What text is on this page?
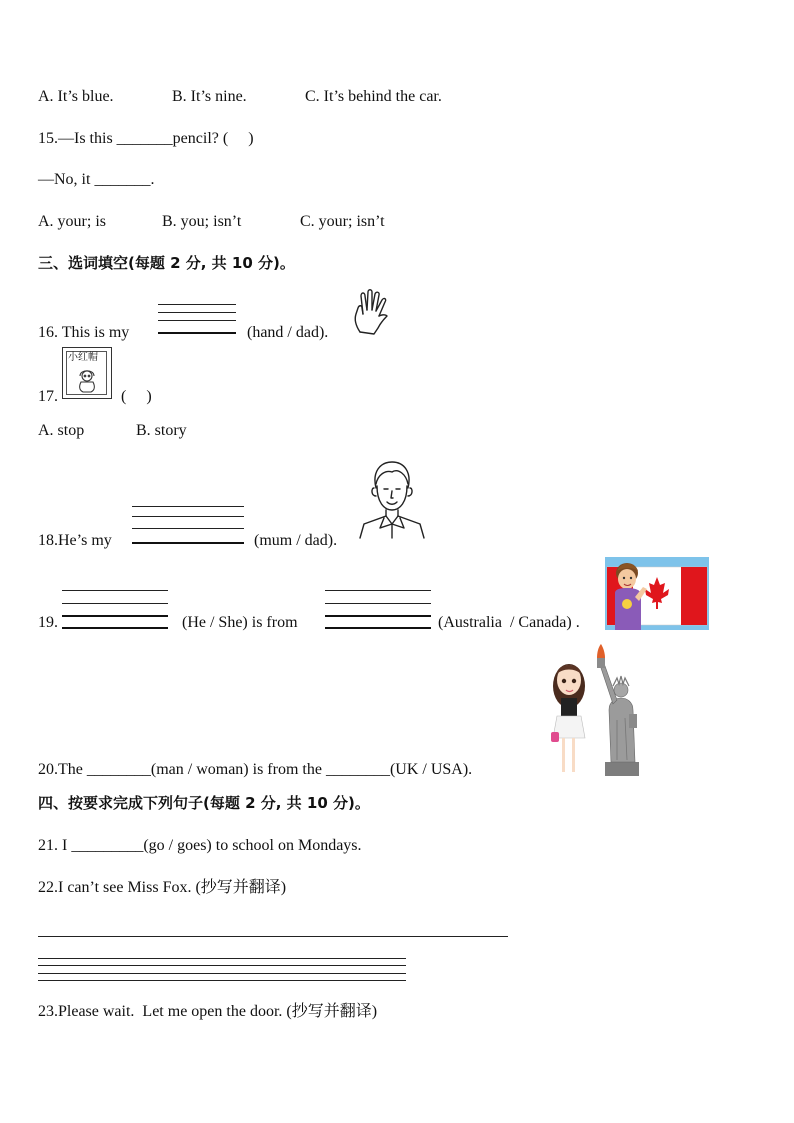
A. It’s blue.	B. It’s nine.	C. It’s behind the car.
15.—Is this _______pencil? (     )
—No, it _______.
A. your; is	B. you; isn’t	C. your; isn’t
三、选词填空(每题 2 分, 共 10 分)。
16. This is my	(hand / dad).
17.
小红帽
(     )
A. stop	B. story
18.He’s my	(mum / dad).
19.	(He / She) is from	(Australia  / Canada) .
20.The ________(man / woman) is from the ________(UK / USA).
四、按要求完成下列句子(每题 2 分, 共 10 分)。
21. I _________(go / goes) to school on Mondays.
22.I can’t see Miss Fox. (抄写并翻译)
23.Please wait.  Let me open the door. (抄写并翻译)
